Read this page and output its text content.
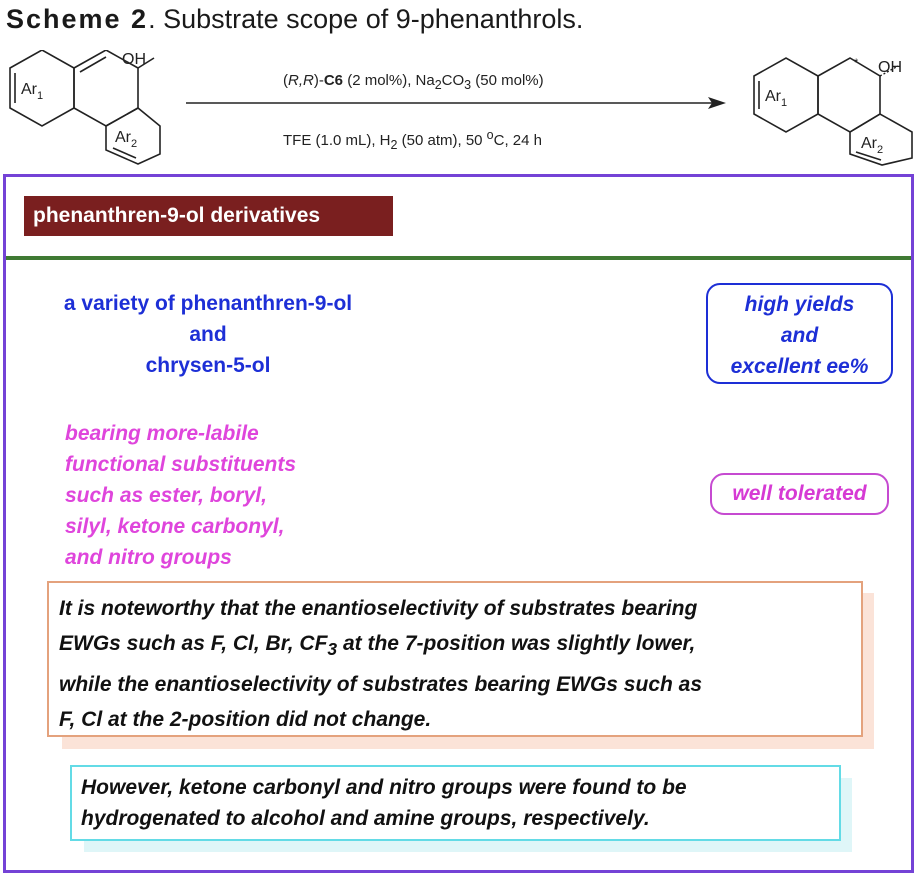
Scheme 2. Substrate scope of 9-phenanthrols.
$Ar_1$
$Ar_2$
OH
(R,R)-C6 (2 mol%), $Na_2CO_3$ (50 mol%)
TFE (1.0 mL), $H_2$ (50 atm), 50 $^o$C, 24 h
* OH
$Ar_1$
$Ar_2$
phenanthren-9-ol derivatives
a variety of phenanthren-9-ol
and
chrysen-5-ol
high yields
and
excellent ee%
bearing more-labile
functional substituents
such as ester, boryl,
silyl, ketone carbonyl,
and nitro groups
well tolerated
It is noteworthy that the enantioselectivity of substrates bearing
EWGs such as F, Cl, Br, $CF_3$ at the 7-position was slightly lower,
while the enantioselectivity of substrates bearing EWGs such as
F, Cl at the 2-position did not change.
However, ketone carbonyl and nitro groups were found to be
hydrogenated to alcohol and amine groups, respectively.
